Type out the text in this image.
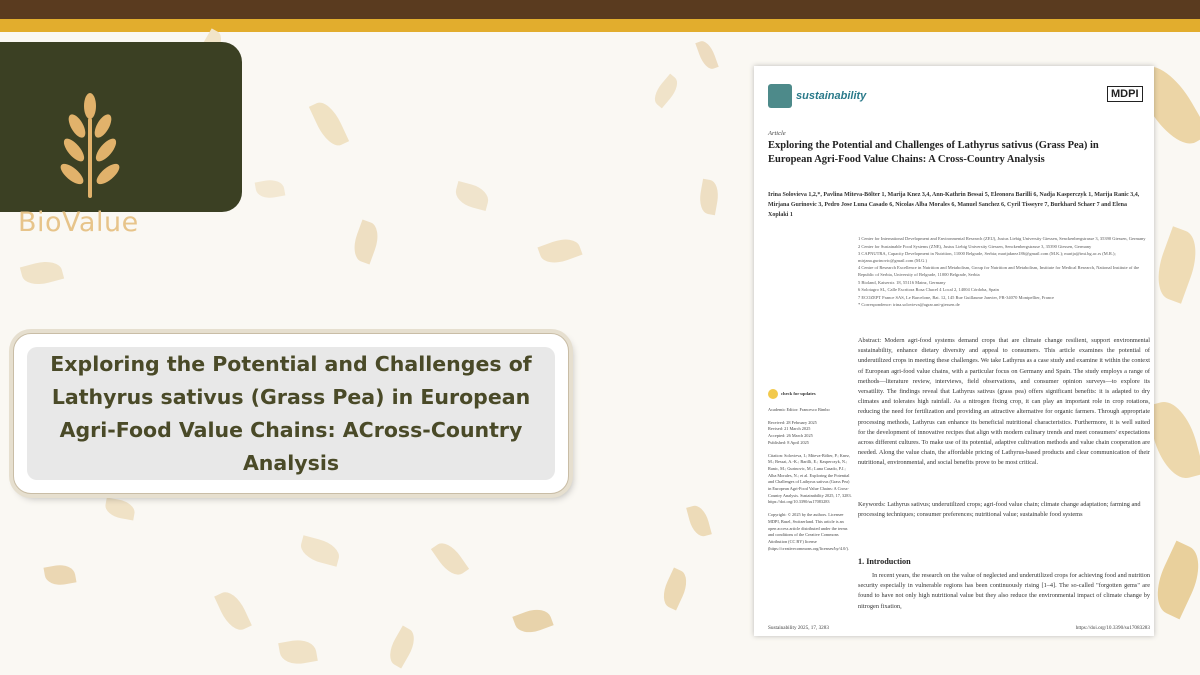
BioValue

Exploring the Potential and Challenges of Lathyrus sativus (Grass Pea) in European Agri-Food Value Chains: ACross-Country Analysis

sustainability	MDPI
Article
Exploring the Potential and Challenges of Lathyrus sativus (Grass Pea) in European Agri-Food Value Chains: A Cross-Country Analysis
Irina Solovieva 1,2,*, Pavlina Miteva-Bölter 1, Marija Knez 3,4, Ann-Kathrin Bessai 5, Eleonora Barilli 6, Nadja Kasperczyk 1, Marija Ranic 3,4, Mirjana Gurinovic 3, Pedro Jose Luna Casado 6, Nicolas Alba Morales 6, Manuel Sanchez 6, Cyril Tisseyre 7, Burkhard Schaer 7 and Elena Xoplaki 1
1 Center for International Development and Environmental Research (ZEU), Justus Liebig University Giessen, Senckenbergstrasse 3, 35390 Giessen, Germany
2 Center for Sustainable Food Systems (ZNE), Justus Liebig University Giessen, Senckenbergstrasse 3, 35390 Giessen, Germany
3 CAPNUTRA, Capacity Development in Nutrition, 11000 Belgrade, Serbia; marijaknez186@gmail.com (M.K.); marija@imi.bg.ac.rs (M.R.); mirjana.gurinovic@gmail.com (M.G.)
4 Centre of Research Excellence in Nutrition and Metabolism, Group for Nutrition and Metabolism, Institute for Medical Research, National Institute of the Republic of Serbia, University of Belgrade, 11000 Belgrade, Serbia
5 Bioland, Kaiserstr. 18, 55116 Mainz, Germany
6 Solotagro SL, Calle Escritora Rosa Chacel 4 Local 2, 14004 Córdoba, Spain
7 ECOZEPT France SAS, Le Barcelone, Bat. 12, 145 Rue Guillaume Janvier, FR-34070 Montpellier, France
* Correspondence: irina.solovieva@agrar.uni-giessen.de
check for updates
Academic Editor: Francesco Bimbo
Received: 28 February 2025
Revised: 21 March 2025
Accepted: 26 March 2025
Published: 8 April 2025
Citation: Solovieva, I.; Miteva-Bölter, P.; Knez, M.; Bessai, A.-K.; Barilli, E.; Kasperczyk, N.; Ranic, M.; Gurinovic, M.; Luna Casado, P.J.; Alba Morales, N.; et al. Exploring the Potential and Challenges of Lathyrus sativus (Grass Pea) in European Agri-Food Value Chains: A Cross-Country Analysis. Sustainability 2025, 17, 3283. https://doi.org/10.3390/su17083283
Copyright: © 2025 by the authors. Licensee MDPI, Basel, Switzerland. This article is an open access article distributed under the terms and conditions of the Creative Commons Attribution (CC BY) license (https://creativecommons.org/licenses/by/4.0/).
Abstract: Modern agri-food systems demand crops that are climate change resilient, support environmental sustainability, enhance dietary diversity and appeal to consumers. This article examines the potential of underutilized crops in meeting these challenges. We take Lathyrus as a case study and examine it within the context of European agri-food value chains, with a particular focus on Germany and Spain. The study employs a range of methods—literature review, interviews, field observations, and consumer opinion surveys—to explore its versatility. The findings reveal that Lathyrus sativus (grass pea) offers significant benefits: it is adapted to dry climates and tolerates high rainfall. As a nitrogen fixing crop, it can play an important role in crop rotations, reducing the need for fertilization and providing an attractive alternative for organic farmers. Through appropriate processing methods, Lathyrus can enhance its beneficial nutritional characteristics. Furthermore, it is well suited for the development of innovative recipes that align with modern culinary trends and meet consumers' expectations across different cultures. To make use of its potential, adaptive cultivation methods and value chain cooperation are needed. Along the value chain, the affordable pricing of Lathyrus-based products and clear communication of their nutritional, environmental, and social benefits prove to be most critical.
Keywords: Lathyrus sativus; underutilized crops; agri-food value chain; climate change adaptation; farming and processing techniques; consumer preferences; nutritional value; sustainable food systems
1. Introduction
In recent years, the research on the value of neglected and underutilized crops for achieving food and nutrition security especially in vulnerable regions has been continuously rising [1–4]. The so-called "forgotten gems" are found to have not only high nutritional value but they also reduce the environmental impact of climate change by nitrogen fixation,
Sustainability 2025, 17, 3283	https://doi.org/10.3390/su17083283
